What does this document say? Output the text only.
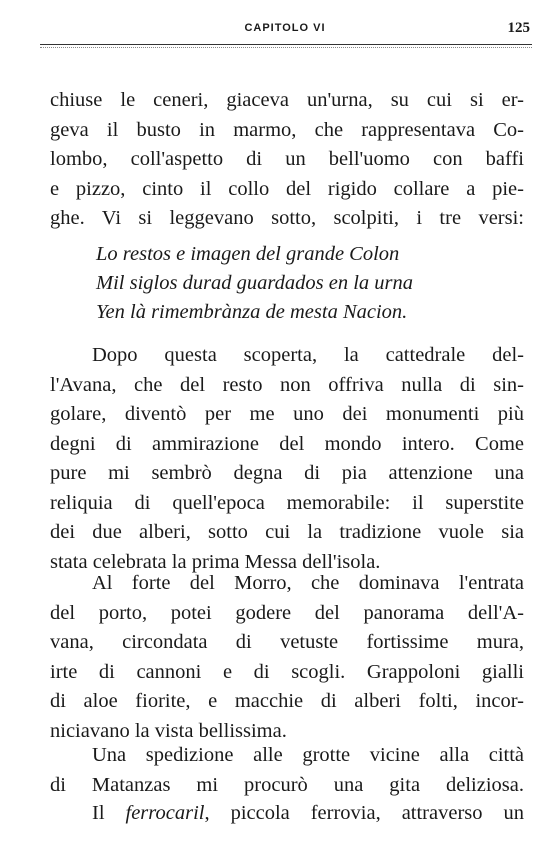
CAPITOLO VI	125
chiuse le ceneri, giaceva un'urna, su cui si er-
geva il busto in marmo, che rappresentava Co-
lombo, coll'aspetto di un bell'uomo con baffi
e pizzo, cinto il collo del rigido collare a pie-
ghe. Vi si leggevano sotto, scolpiti, i tre versi:
Lo restos e imagen del grande Colon
Mil siglos durad guardados en la urna
Yen là rimembrànza de mesta Nacion.
Dopo questa scoperta, la cattedrale del-
l'Avana, che del resto non offriva nulla di sin-
golare, diventò per me uno dei monumenti più
degni di ammirazione del mondo intero. Come
pure mi sembrò degna di pia attenzione una
reliquia di quell'epoca memorabile: il superstite
dei due alberi, sotto cui la tradizione vuole sia
stata celebrata la prima Messa dell'isola.
Al forte del Morro, che dominava l'entrata
del porto, potei godere del panorama dell'A-
vana, circondata di vetuste fortissime mura,
irte di cannoni e di scogli. Grappoloni gialli
di aloe fiorite, e macchie di alberi folti, incor-
niciavano la vista bellissima.
Una spedizione alle grotte vicine alla città
di Matanzas mi procurò una gita deliziosa.
Il ferrocaril, piccola ferrovia, attraverso un
